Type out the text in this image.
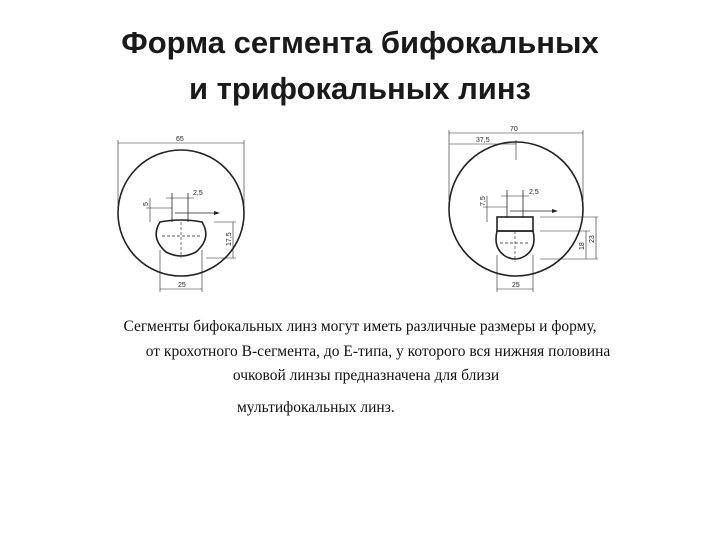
Форма сегмента бифокальных
и трифокальных линз
65
2,5
5
17,5
25
70
37,5
2,5
7,5
18
23
25
Сегменты бифокальных линз могут иметь различные размеры и форму,
от крохотного В-сегмента, до Е-типа, у которого вся нижняя половина
очковой линзы предназначена для близи
мультифокальных линз.
